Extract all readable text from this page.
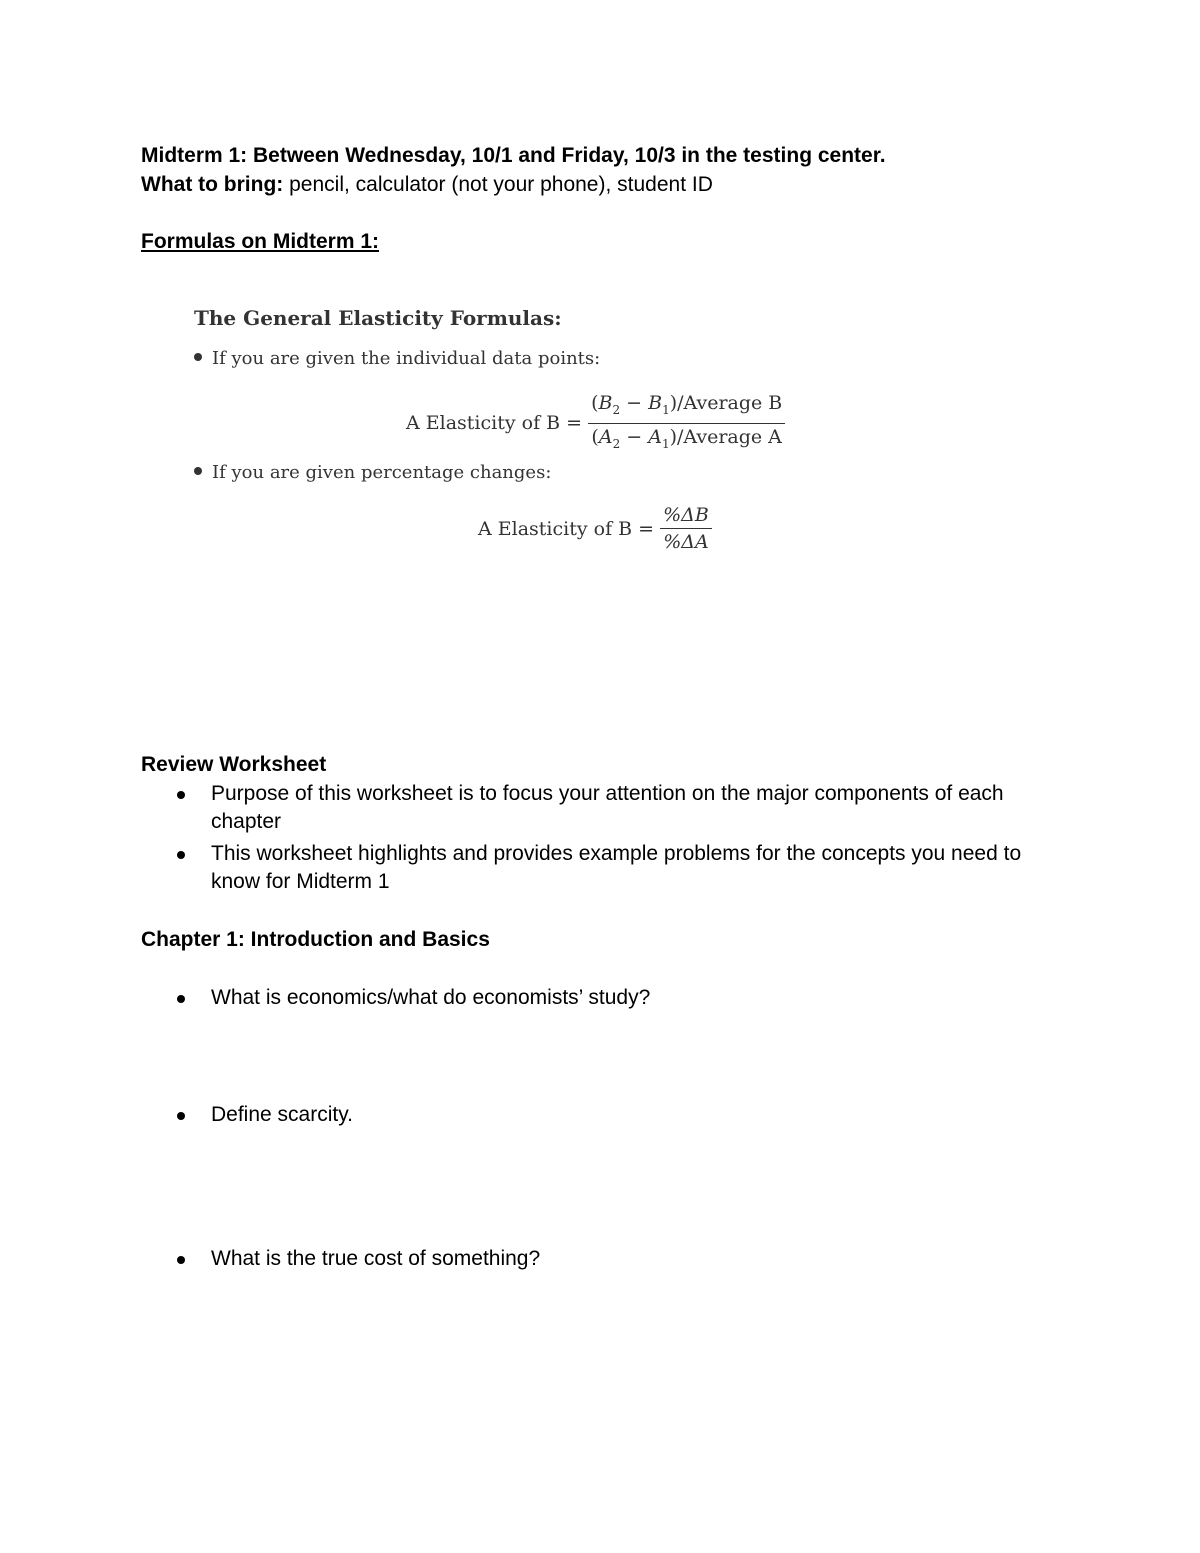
Midterm 1: Between Wednesday, 10/1 and Friday, 10/3 in the testing center.
What to bring: pencil, calculator (not your phone), student ID
Formulas on Midterm 1:
The General Elasticity Formulas:
If you are given the individual data points:
A Elasticity of $B = \frac{(B_2 - B_1)/Average B}{(A_2 - A_1)/Average A}$
If you are given percentage changes:
A Elasticity of $B = \frac{\%\Delta B}{\%\Delta A}$
Review Worksheet
Purpose of this worksheet is to focus your attention on the major components of each chapter
This worksheet highlights and provides example problems for the concepts you need to know for Midterm 1
Chapter 1: Introduction and Basics
What is economics/what do economists’ study?
Define scarcity.
What is the true cost of something?
